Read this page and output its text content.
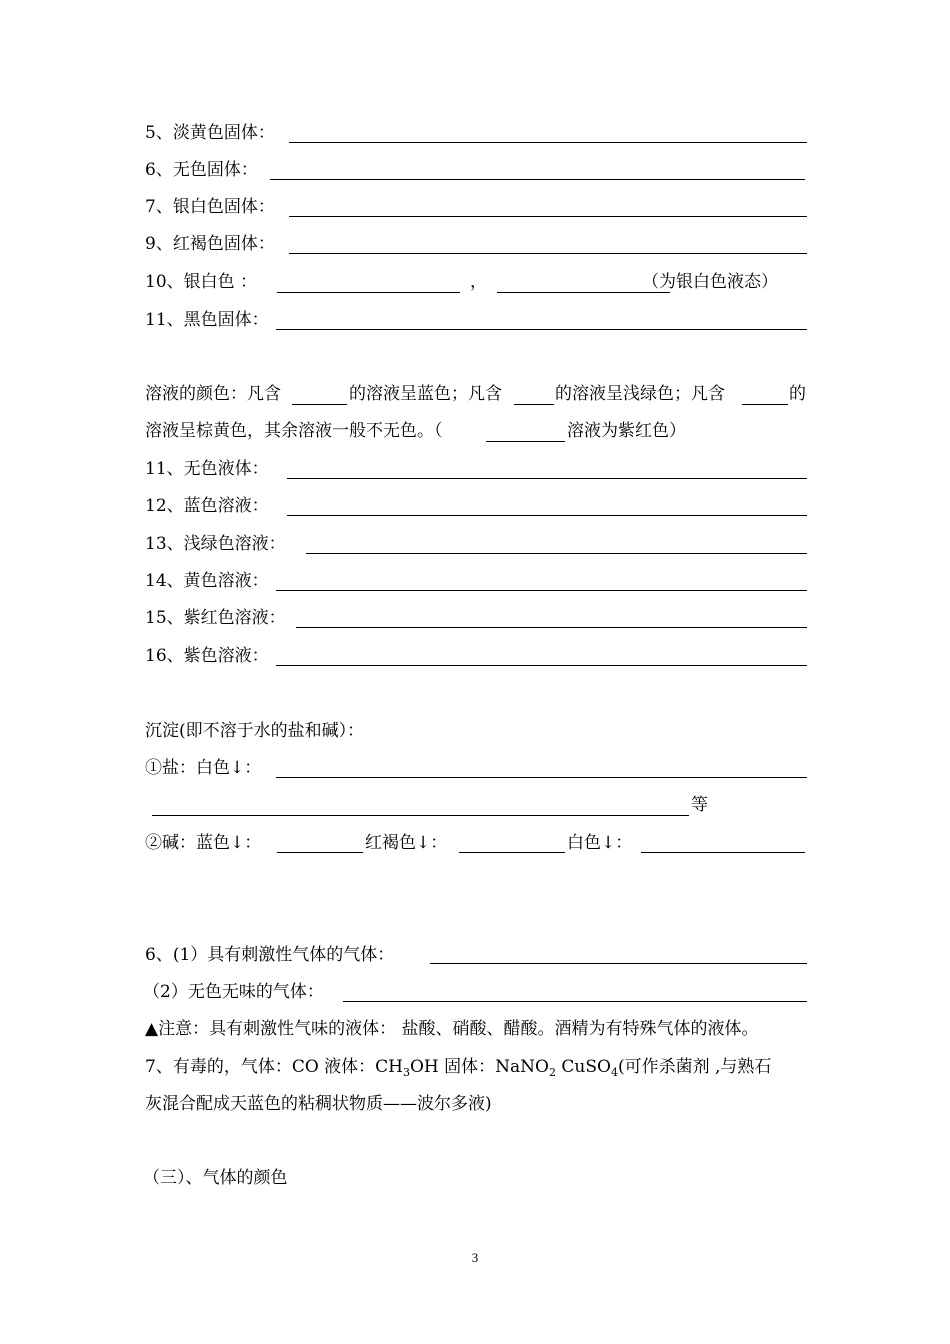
5、淡黄色固体：
6、无色固体：
7、银白色固体：
9、红褐色固体：
10、银白色 ：	，	（为银白色液态）
11、黑色固体：
溶液的颜色：凡含	的溶液呈蓝色；凡含	的溶液呈浅绿色；凡含	的
溶液呈棕黄色，其余溶液一般不无色。（	溶液为紫红色）
11、无色液体：
12、蓝色溶液：
13、浅绿色溶液：
14、黄色溶液：
15、紫红色溶液：
16、紫色溶液：
沉淀(即不溶于水的盐和碱）：
①盐：白色↓：
等
②碱：蓝色↓：	红褐色↓：	白色↓：
6、(1）具有刺激性气体的气体：
（2）无色无味的气体：
▲注意：具有刺激性气味的液体： 盐酸、硝酸、醋酸。酒精为有特殊气体的液体。
7、有毒的，气体：CO 液体：$CH_3OH$ 固体：NaNO$_2$ CuSO$_4$(可作杀菌剂 ,与熟石
灰混合配成天蓝色的粘稠状物质——波尔多液)
（三）、气体的颜色
3
